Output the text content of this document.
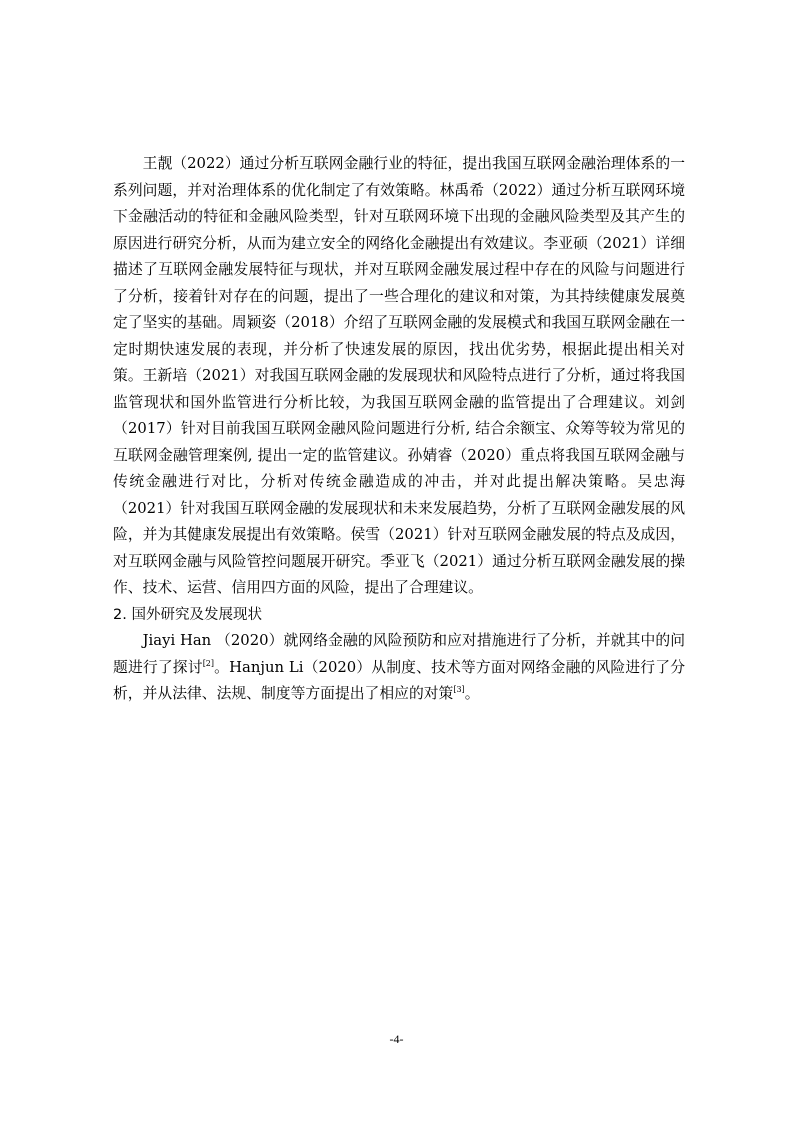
王靓（2022）通过分析互联网金融行业的特征，提出我国互联网金融治理体系的一系列问题，并对治理体系的优化制定了有效策略。林禹希（2022）通过分析互联网环境下金融活动的特征和金融风险类型，针对互联网环境下出现的金融风险类型及其产生的原因进行研究分析，从而为建立安全的网络化金融提出有效建议。李亚硕（2021）详细描述了互联网金融发展特征与现状，并对互联网金融发展过程中存在的风险与问题进行了分析，接着针对存在的问题，提出了一些合理化的建议和对策，为其持续健康发展奠定了坚实的基础。周颖姿（2018）介绍了互联网金融的发展模式和我国互联网金融在一定时期快速发展的表现，并分析了快速发展的原因，找出优劣势，根据此提出相关对策。王新培（2021）对我国互联网金融的发展现状和风险特点进行了分析，通过将我国监管现状和国外监管进行分析比较，为我国互联网金融的监管提出了合理建议。刘剑（2017）针对目前我国互联网金融风险问题进行分析, 结合余额宝、众筹等较为常见的互联网金融管理案例, 提出一定的监管建议。孙婧睿（2020）重点将我国互联网金融与传统金融进行对比，分析对传统金融造成的冲击，并对此提出解决策略。吴忠海（2021）针对我国互联网金融的发展现状和未来发展趋势，分析了互联网金融发展的风险，并为其健康发展提出有效策略。侯雪（2021）针对互联网金融发展的特点及成因，对互联网金融与风险管控问题展开研究。季亚飞（2021）通过分析互联网金融发展的操作、技术、运营、信用四方面的风险，提出了合理建议。

2. 国外研究及发展现状

Jiayi Han （2020）就网络金融的风险预防和应对措施进行了分析，并就其中的问题进行了探讨[2]。Hanjun Li（2020）从制度、技术等方面对网络金融的风险进行了分析，并从法律、法规、制度等方面提出了相应的对策[3]。

-4-
